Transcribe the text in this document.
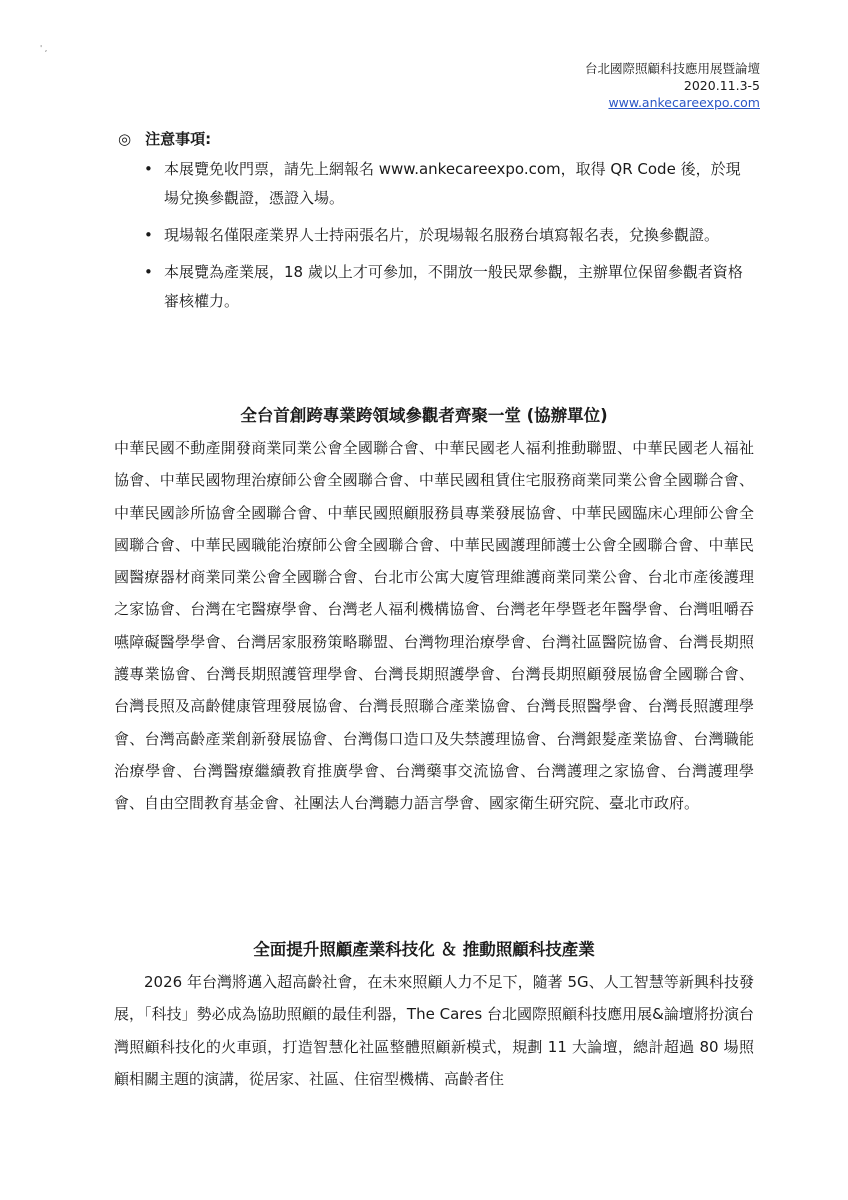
' ,
台北國際照顧科技應用展暨論壇
2020.11.3-5
www.ankecareexpo.com
◎ 注意事項:
• 本展覽免收門票，請先上網報名 www.ankecareexpo.com，取得 QR Code 後，於現場兌換參觀證，憑證入場。
• 現場報名僅限產業界人士持兩張名片，於現場報名服務台填寫報名表，兌換參觀證。
• 本展覽為產業展，18 歲以上才可參加，不開放一般民眾參觀，主辦單位保留參觀者資格審核權力。
全台首創跨專業跨領域參觀者齊聚一堂 (協辦單位)

中華民國不動產開發商業同業公會全國聯合會、中華民國老人福利推動聯盟、中華民國老人福祉協會、中華民國物理治療師公會全國聯合會、中華民國租賃住宅服務商業同業公會全國聯合會、中華民國診所協會全國聯合會、中華民國照顧服務員專業發展協會、中華民國臨床心理師公會全國聯合會、中華民國職能治療師公會全國聯合會、中華民國護理師護士公會全國聯合會、中華民國醫療器材商業同業公會全國聯合會、台北市公寓大廈管理維護商業同業公會、台北市產後護理之家協會、台灣在宅醫療學會、台灣老人福利機構協會、台灣老年學暨老年醫學會、台灣咀嚼吞嚥障礙醫學學會、台灣居家服務策略聯盟、台灣物理治療學會、台灣社區醫院協會、台灣長期照護專業協會、台灣長期照護管理學會、台灣長期照護學會、台灣長期照顧發展協會全國聯合會、台灣長照及高齡健康管理發展協會、台灣長照聯合產業協會、台灣長照醫學會、台灣長照護理學會、台灣高齡產業創新發展協會、台灣傷口造口及失禁護理協會、台灣銀髮產業協會、台灣職能治療學會、台灣醫療繼續教育推廣學會、台灣藥事交流協會、台灣護理之家協會、台灣護理學會、自由空間教育基金會、社團法人台灣聽力語言學會、國家衛生研究院、臺北市政府。

全面提升照顧產業科技化 ＆ 推動照顧科技產業

2026 年台灣將邁入超高齡社會，在未來照顧人力不足下，隨著 5G、人工智慧等新興科技發展，「科技」勢必成為協助照顧的最佳利器，The Cares 台北國際照顧科技應用展&論壇將扮演台灣照顧科技化的火車頭，打造智慧化社區整體照顧新模式，規劃 11 大論壇，總計超過 80 場照顧相關主題的演講，從居家、社區、住宿型機構、高齡者住
